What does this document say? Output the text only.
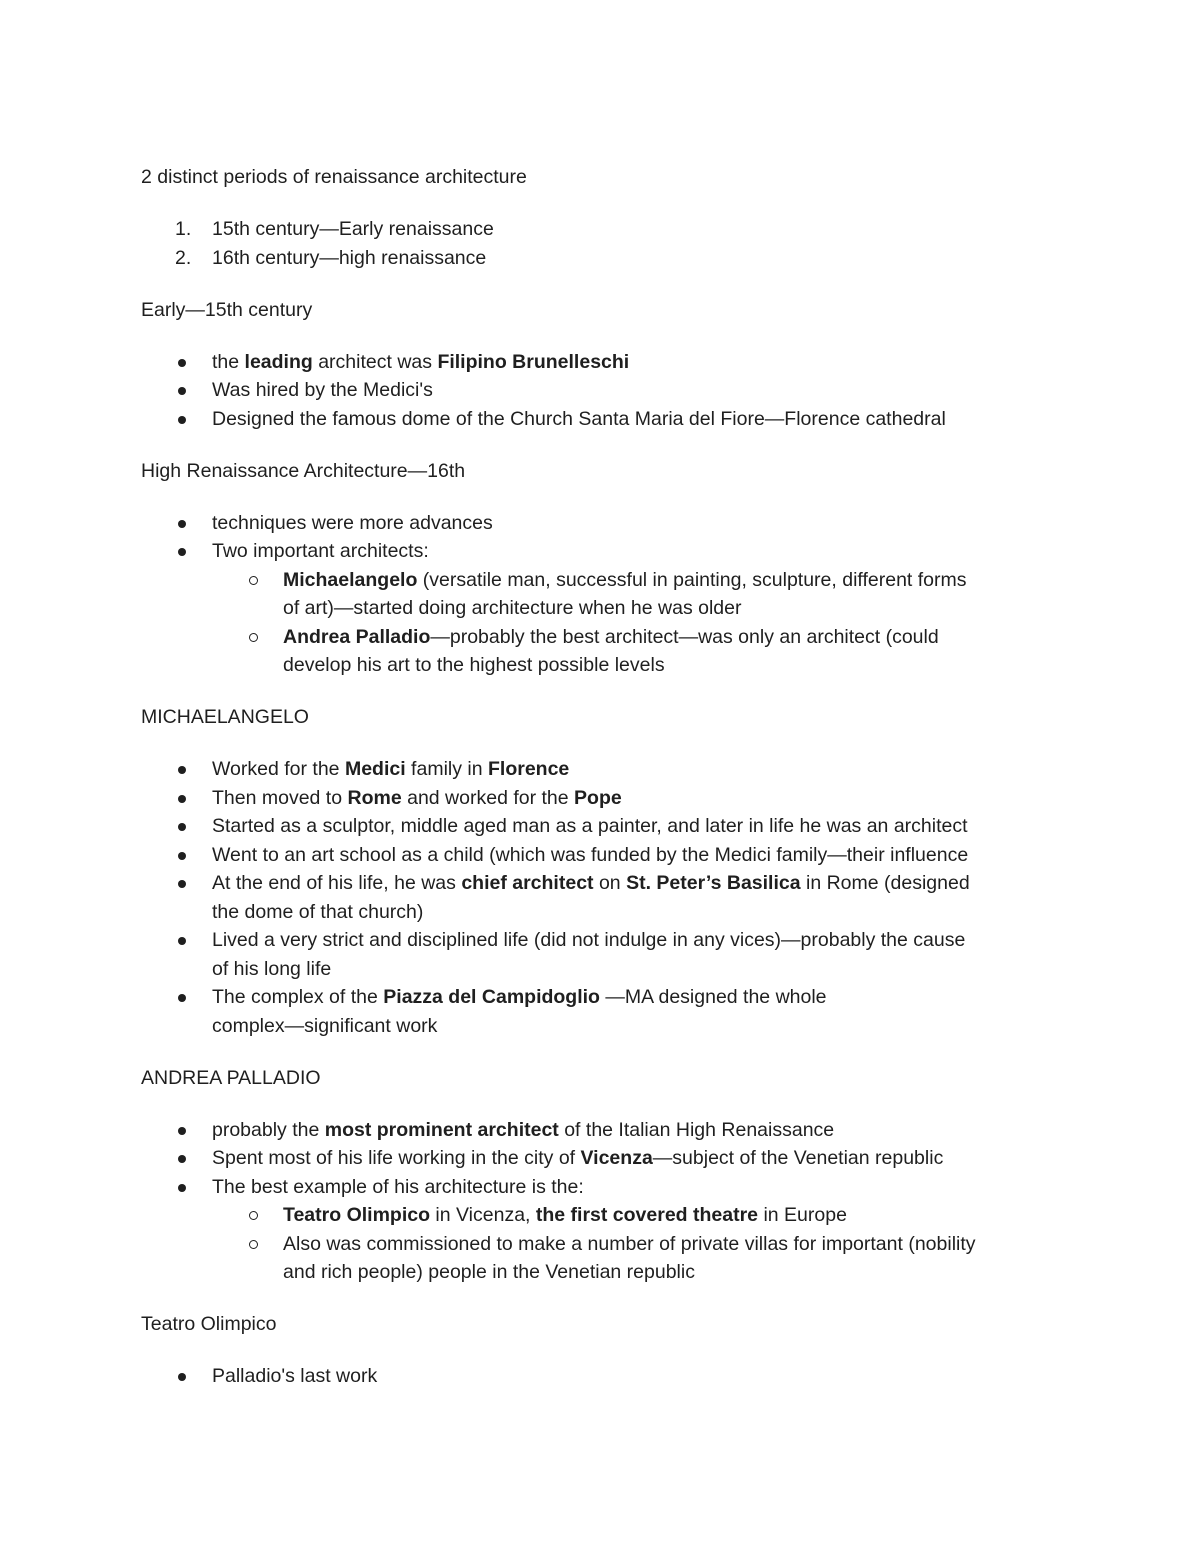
2 distinct periods of renaissance architecture

1. 15th century—Early renaissance
2. 16th century—high renaissance

Early—15th century

the leading architect was Filipino Brunelleschi
Was hired by the Medici's
Designed the famous dome of the Church Santa Maria del Fiore—Florence cathedral

High Renaissance Architecture—16th

techniques were more advances
Two important architects:
Michaelangelo (versatile man, successful in painting, sculpture, different forms
of art)—started doing architecture when he was older
Andrea Palladio—probably the best architect—was only an architect (could
develop his art to the highest possible levels

MICHAELANGELO

Worked for the Medici family in Florence
Then moved to Rome and worked for the Pope
Started as a sculptor, middle aged man as a painter, and later in life he was an architect
Went to an art school as a child (which was funded by the Medici family—their influence
At the end of his life, he was chief architect on St. Peter’s Basilica in Rome (designed
the dome of that church)
Lived a very strict and disciplined life (did not indulge in any vices)—probably the cause
of his long life
The complex of the Piazza del Campidoglio —MA designed the whole
complex—significant work

ANDREA PALLADIO

probably the most prominent architect of the Italian High Renaissance
Spent most of his life working in the city of Vicenza—subject of the Venetian republic
The best example of his architecture is the:
Teatro Olimpico in Vicenza, the first covered theatre in Europe
Also was commissioned to make a number of private villas for important (nobility
and rich people) people in the Venetian republic

Teatro Olimpico

Palladio's last work
